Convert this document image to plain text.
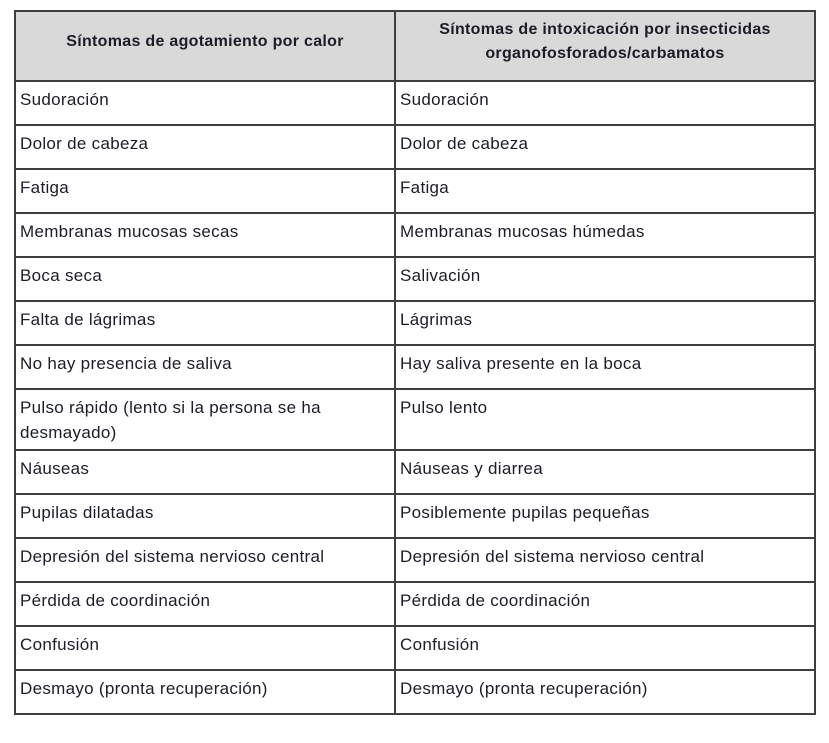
Síntomas de agotamiento por calor	Síntomas de intoxicación por insecticidas organofosforados/carbamatos
Sudoración	Sudoración
Dolor de cabeza	Dolor de cabeza
Fatiga	Fatiga
Membranas mucosas secas	Membranas mucosas húmedas
Boca seca	Salivación
Falta de lágrimas	Lágrimas
No hay presencia de saliva	Hay saliva presente en la boca
Pulso rápido (lento si la persona se ha desmayado)	Pulso lento
Náuseas	Náuseas y diarrea
Pupilas dilatadas	Posiblemente pupilas pequeñas
Depresión del sistema nervioso central	Depresión del sistema nervioso central
Pérdida de coordinación	Pérdida de coordinación
Confusión	Confusión
Desmayo (pronta recuperación)	Desmayo (pronta recuperación)
